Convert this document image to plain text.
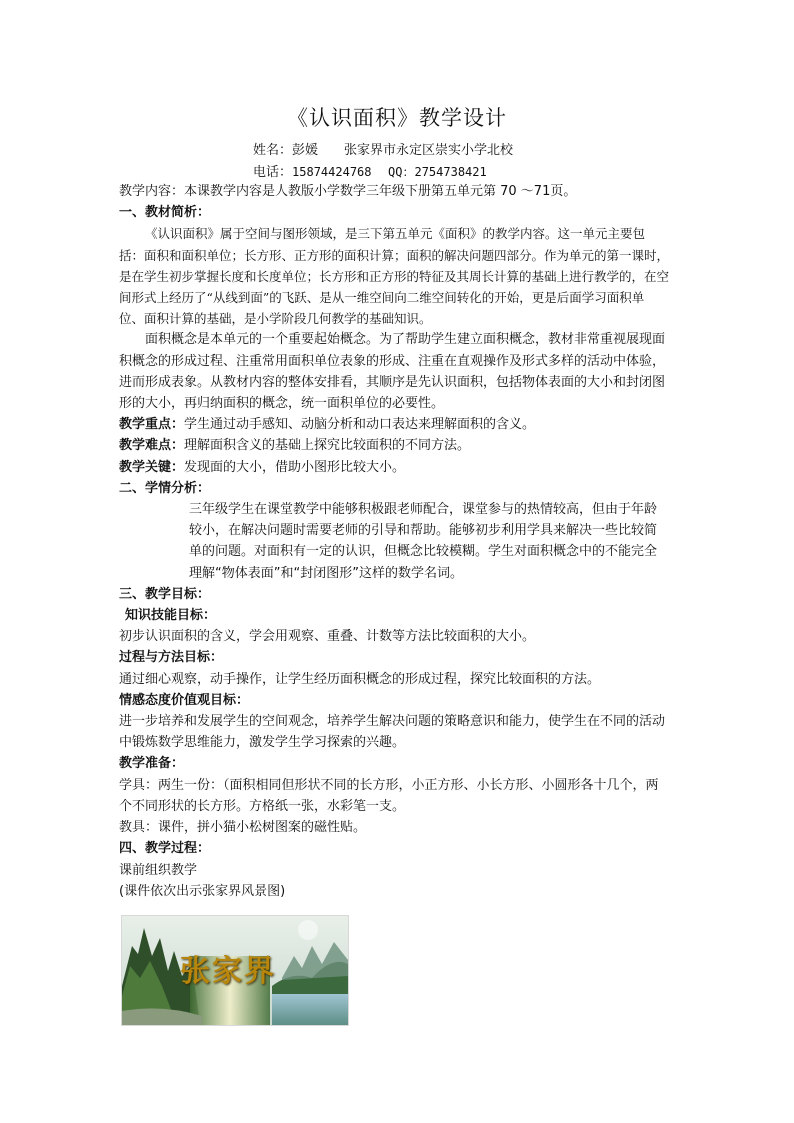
《认识面积》教学设计
姓名：彭媛　　张家界市永定区崇实小学北校
电话：15874424768 QQ：2754738421

教学内容：本课教学内容是人教版小学数学三年级下册第五单元第 70 ～71页。

一、教材简析：

《认识面积》属于空间与图形领域，是三下第五单元《面积》的教学内容。这一单元主要包括：面积和面积单位；长方形、正方形的面积计算；面积的解决问题四部分。作为单元的第一课时，是在学生初步掌握长度和长度单位；长方形和正方形的特征及其周长计算的基础上进行教学的，在空间形式上经历了“从线到面”的飞跃、是从一维空间向二维空间转化的开始，更是后面学习面积单位、面积计算的基础，是小学阶段几何教学的基础知识。

面积概念是本单元的一个重要起始概念。为了帮助学生建立面积概念，教材非常重视展现面积概念的形成过程、注重常用面积单位表象的形成、注重在直观操作及形式多样的活动中体验，进而形成表象。从教材内容的整体安排看，其顺序是先认识面积，包括物体表面的大小和封闭图形的大小，再归纳面积的概念，统一面积单位的必要性。

教学重点：学生通过动手感知、动脑分析和动口表达来理解面积的含义。

教学难点：理解面积含义的基础上探究比较面积的不同方法。

教学关键：发现面的大小，借助小图形比较大小。

二、学情分析：

三年级学生在课堂教学中能够积极跟老师配合，课堂参与的热情较高，但由于年龄较小，在解决问题时需要老师的引导和帮助。能够初步利用学具来解决一些比较简单的问题。对面积有一定的认识，但概念比较模糊。学生对面积概念中的不能完全理解“物体表面”和“封闭图形”这样的数学名词。

三、教学目标：

知识技能目标：

初步认识面积的含义，学会用观察、重叠、计数等方法比较面积的大小。

过程与方法目标：

通过细心观察，动手操作，让学生经历面积概念的形成过程，探究比较面积的方法。

情感态度价值观目标：

进一步培养和发展学生的空间观念，培养学生解决问题的策略意识和能力，使学生在不同的活动中锻炼数学思维能力，激发学生学习探索的兴趣。

教学准备：

学具：两生一份：（面积相同但形状不同的长方形，小正方形、小长方形、小圆形各十几个，两个不同形状的长方形。方格纸一张，水彩笔一支。

教具：课件，拼小猫小松树图案的磁性贴。

四、教学过程：

课前组织教学

(课件依次出示张家界风景图)

张家界
